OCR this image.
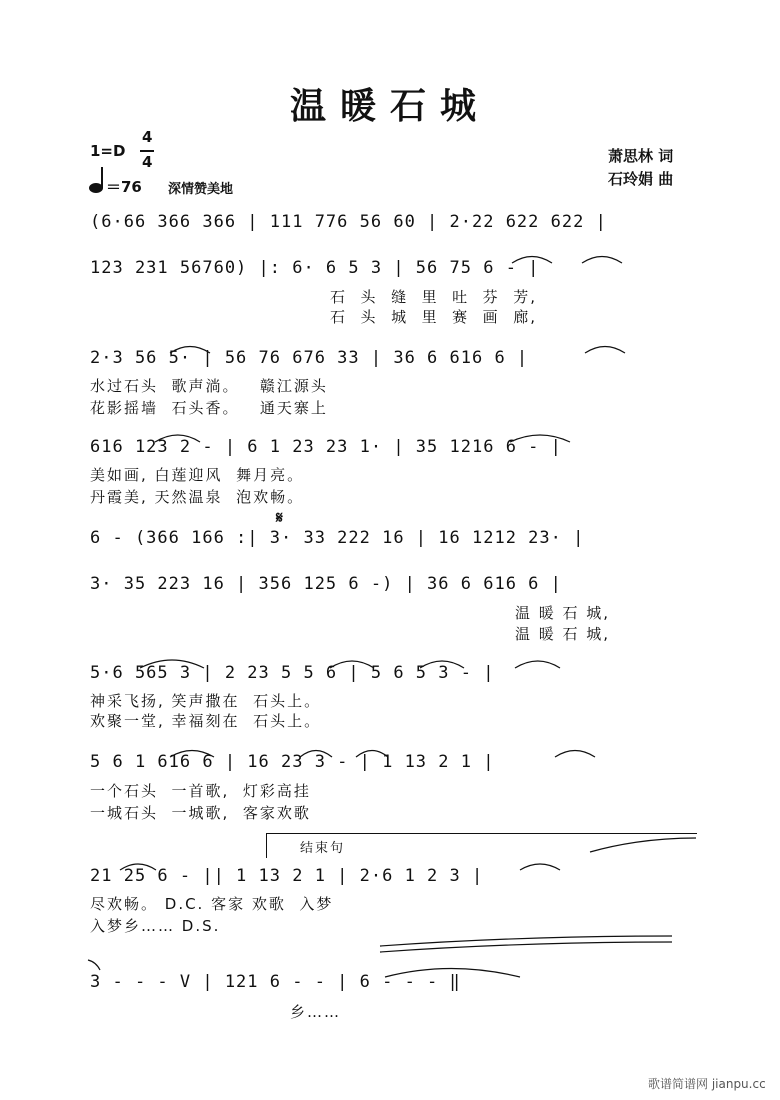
温暖石城
1=D
4
4
＝76 深情赞美地
萧思林 词
石玲娟 曲
(6·66 366 366 | 111 776 56 60 | 2·22 622 622 |
123 231 56760) |: 6· 6 5 3 | 56 75 6 - |
石  头  缝  里  吐  芬  芳,
石  头  城  里  赛  画  廊,
2·3 56 5· | 56 76 676 33 | 36 6 616 6 |
水过石头  歌声淌。   赣江源头
花影摇墙  石头香。   通天寨上
616 123 2 - | 6 1 23 23 1· | 35 1216 6 - |
美如画, 白莲迎风  舞月亮。
丹霞美, 天然温泉  泡欢畅。
6 - (366 166 :| 3· 33 222 16 | 16 1212 23· |
𝄋
3· 35 223 16 | 356 125 6 -) | 36 6 616 6 |
温 暖 石 城,
温 暖 石 城,
5·6 565 3 | 2 23 5 5 6 | 5 6 5 3 - |
神采飞扬, 笑声撒在  石头上。
欢聚一堂, 幸福刻在  石头上。
5 6 1 616 6 | 16 23 3 - | 1 13 2 1 |
一个石头  一首歌,  灯彩高挂
一城石头  一城歌,  客家欢歌
结束句
21 25 6 - || 1 13 2 1 | 2·6 1 2 3 |
尽欢畅。 D.C. 客家 欢歌  入梦
入梦乡…… D.S.
3 - - - V | 121 6 - - | 6 - - - ‖
乡……
歌谱简谱网 jianpu.cc
